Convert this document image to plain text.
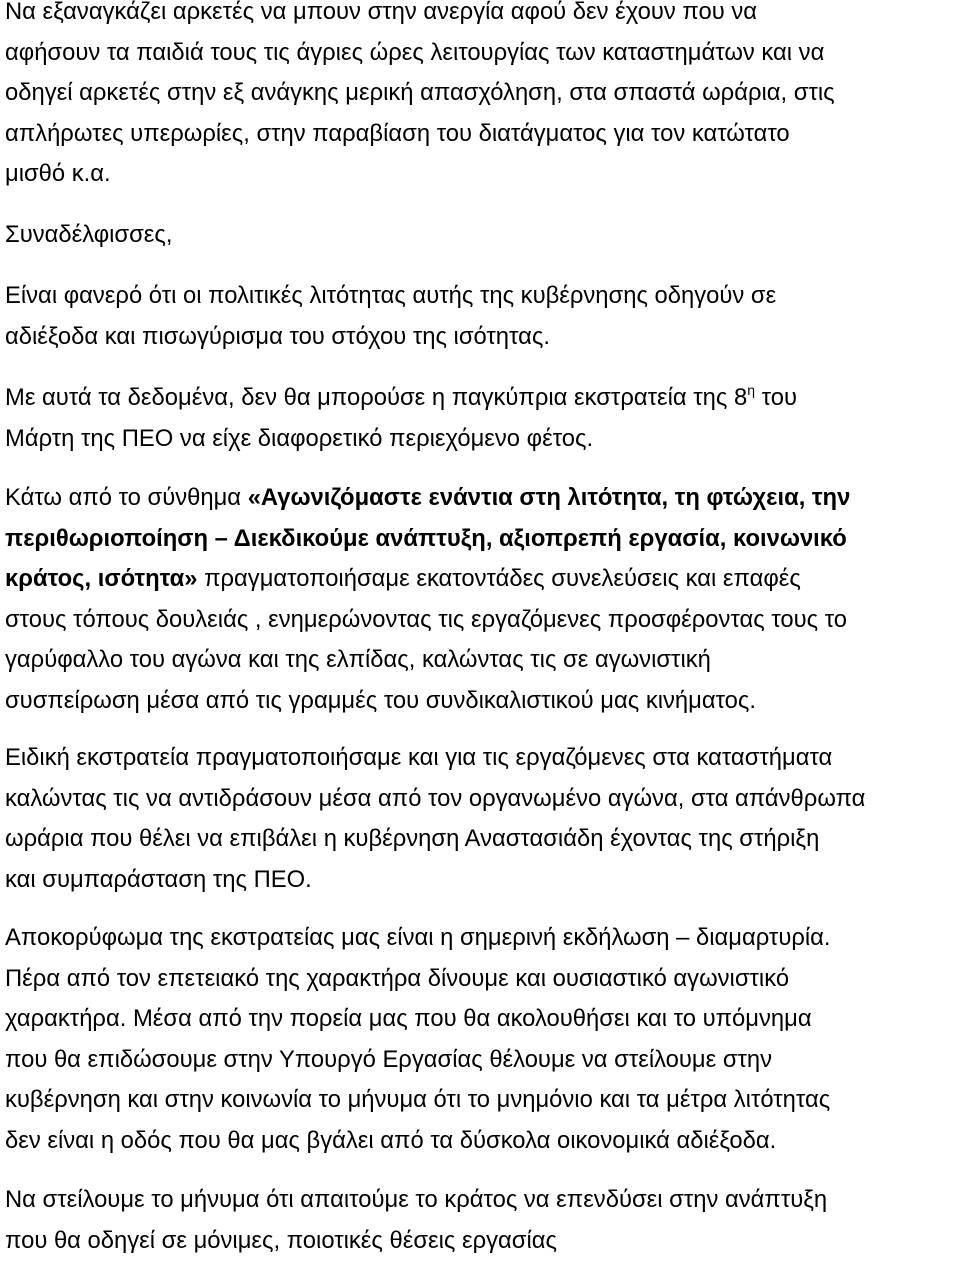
Να εξαναγκάζει αρκετές να μπουν στην ανεργία αφού δεν έχουν που να
αφήσουν τα παιδιά τους τις άγριες ώρες λειτουργίας των καταστημάτων και να
οδηγεί αρκετές στην εξ ανάγκης μερική απασχόληση, στα σπαστά ωράρια, στις
απλήρωτες υπερωρίες, στην παραβίαση του διατάγματος για τον κατώτατο
μισθό κ.α.
Συναδέλφισσες,
Είναι φανερό ότι οι πολιτικές λιτότητας αυτής της κυβέρνησης οδηγούν σε
αδιέξοδα και πισωγύρισμα του στόχου της ισότητας.
Με αυτά τα δεδομένα, δεν θα μπορούσε η παγκύπρια εκστρατεία της $8^\eta$ του
Μάρτη της ΠΕΟ να είχε διαφορετικό περιεχόμενο φέτος.
Κάτω από το σύνθημα «Αγωνιζόμαστε ενάντια στη λιτότητα, τη φτώχεια, την
περιθωριοποίηση – Διεκδικούμε ανάπτυξη, αξιοπρεπή εργασία, κοινωνικό
κράτος, ισότητα» πραγματοποιήσαμε εκατοντάδες συνελεύσεις και επαφές
στους τόπους δουλειάς , ενημερώνοντας τις εργαζόμενες προσφέροντας τους το
γαρύφαλλο του αγώνα και της ελπίδας, καλώντας τις σε αγωνιστική
συσπείρωση μέσα από τις γραμμές του συνδικαλιστικού μας κινήματος.
Ειδική εκστρατεία πραγματοποιήσαμε και για τις εργαζόμενες στα καταστήματα
καλώντας τις να αντιδράσουν μέσα από τον οργανωμένο αγώνα, στα απάνθρωπα
ωράρια που θέλει να επιβάλει η κυβέρνηση Αναστασιάδη έχοντας της στήριξη
και συμπαράσταση της ΠΕΟ.
Αποκορύφωμα της εκστρατείας μας είναι η σημερινή εκδήλωση – διαμαρτυρία.
Πέρα από τον επετειακό της χαρακτήρα δίνουμε και ουσιαστικό αγωνιστικό
χαρακτήρα. Μέσα από την πορεία μας που θα ακολουθήσει και το υπόμνημα
που θα επιδώσουμε στην Υπουργό Εργασίας θέλουμε να στείλουμε στην
κυβέρνηση και στην κοινωνία το μήνυμα ότι το μνημόνιο και τα μέτρα λιτότητας
δεν είναι η οδός που θα μας βγάλει από τα δύσκολα οικονομικά αδιέξοδα.
Να στείλουμε το μήνυμα ότι απαιτούμε το κράτος να επενδύσει στην ανάπτυξη
που θα οδηγεί σε μόνιμες, ποιοτικές θέσεις εργασίας
